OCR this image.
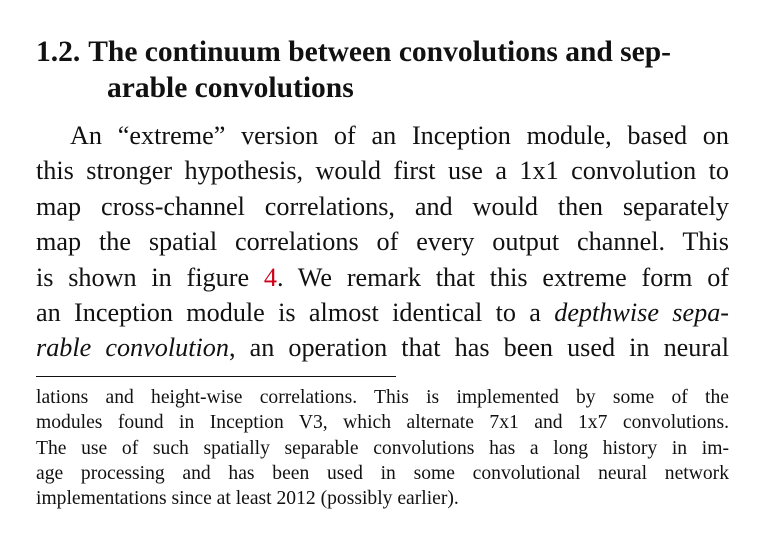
1.2. The continuum between convolutions and sep-
arable convolutions
An “extreme” version of an Inception module, based on
this stronger hypothesis, would first use a 1x1 convolution to
map cross-channel correlations, and would then separately
map the spatial correlations of every output channel. This
is shown in figure 4. We remark that this extreme form of
an Inception module is almost identical to a depthwise sepa-
rable convolution, an operation that has been used in neural
lations and height-wise correlations. This is implemented by some of the
modules found in Inception V3, which alternate 7x1 and 1x7 convolutions.
The use of such spatially separable convolutions has a long history in im-
age processing and has been used in some convolutional neural network
implementations since at least 2012 (possibly earlier).
